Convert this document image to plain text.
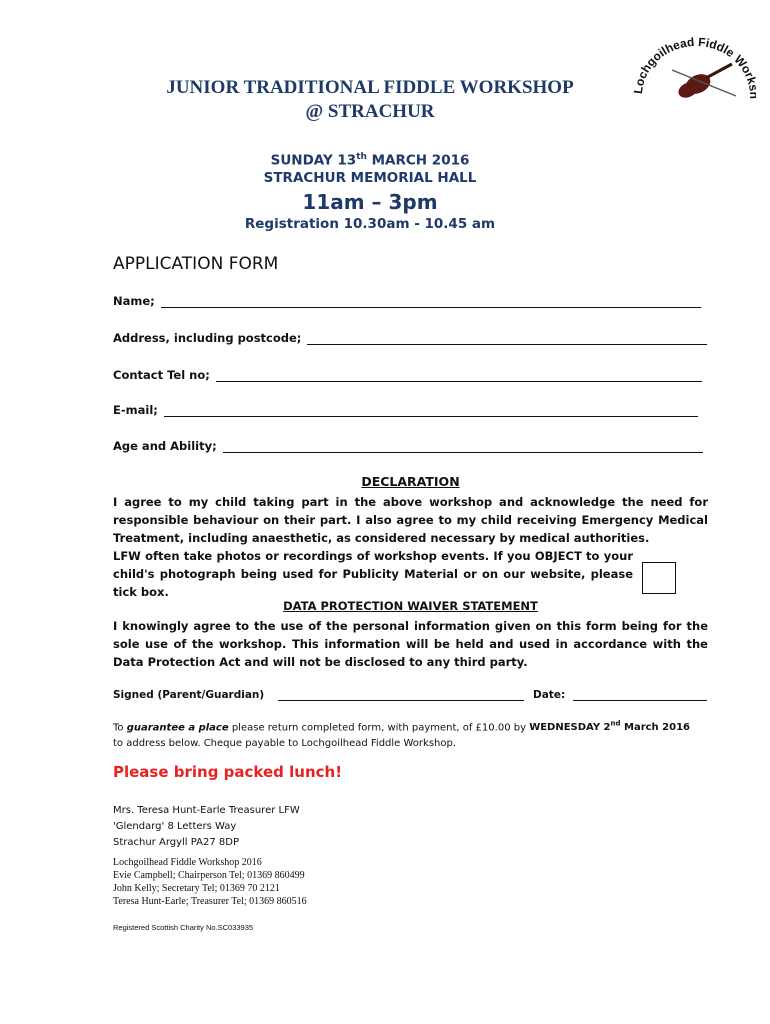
Lochgoilhead Fiddle Wor
JUNIOR TRADITIONAL FIDDLE WORKSHOP
@ STRACHUR
SUNDAY 13th MARCH 2016
STRACHUR MEMORIAL HALL
11am – 3pm
Registration 10.30am - 10.45 am
APPLICATION FORM
Name;
Address, including postcode;
Contact Tel no;
E-mail;
Age and Ability;
DECLARATION
I agree to my child taking part in the above workshop and acknowledge the need for responsible behaviour on their part. I also agree to my child receiving Emergency Medical Treatment, including anaesthetic, as considered necessary by medical authorities.
LFW often take photos or recordings of workshop events. If you OBJECT to your child's photograph being used for Publicity Material or on our website, please tick box.
DATA PROTECTION WAIVER STATEMENT
I knowingly agree to the use of the personal information given on this form being for the sole use of the workshop. This information will be held and used in accordance with the Data Protection Act and will not be disclosed to any third party.
Signed (Parent/Guardian)	Date:
To guarantee a place please return completed form, with payment, of £10.00 by WEDNESDAY 2nd March 2016 to address below. Cheque payable to Lochgoilhead Fiddle Workshop.
Please bring packed lunch!
Mrs. Teresa Hunt-Earle Treasurer LFW
'Glendarg' 8 Letters Way
Strachur Argyll PA27 8DP
Lochgoilhead Fiddle Workshop 2016
Evie Campbell; Chairperson Tel; 01369 860499
John Kelly; Secretary Tel; 01369 70 2121
Teresa Hunt-Earle; Treasurer Tel; 01369 860516
Registered Scottish Charity No.SC033935
